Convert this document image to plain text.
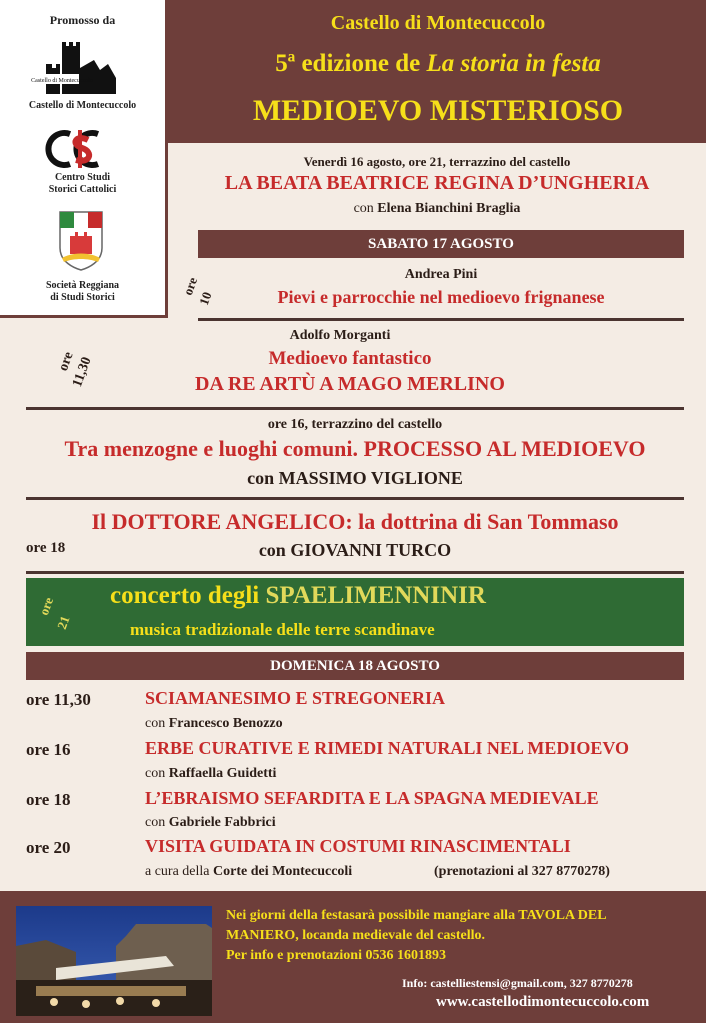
Castello di Montecuccolo
5ª edizione de La storia in festa
MEDIOEVO MISTERIOSO
Promosso da
Castello di Montecuccolo
Castello di Montecuccolo
Centro Studi
Storici Cattolici
Società Reggiana
di Studi Storici
Venerdì 16 agosto, ore 21, terrazzino del castello
LA BEATA BEATRICE REGINA D’UNGHERIA
con Elena Bianchini Braglia
SABATO 17 AGOSTO
ore
10
Andrea Pini
Pievi e parrocchie nel medioevo frignanese
ore
11,30
Adolfo Morganti
Medioevo fantastico
DA RE ARTÙ A MAGO MERLINO
ore 16, terrazzino del castello
Tra menzogne e luoghi comuni. PROCESSO AL MEDIOEVO
con MASSIMO VIGLIONE
Il DOTTORE ANGELICO: la dottrina di San Tommaso
ore 18	con GIOVANNI TURCO
ore
21
concerto degli SPAELIMENNINIR
musica tradizionale delle terre scandinave
DOMENICA 18 AGOSTO
ore 11,30	SCIAMANESIMO E STREGONERIA
con Francesco Benozzo
ore 16	ERBE CURATIVE E RIMEDI NATURALI NEL MEDIOEVO
con Raffaella Guidetti
ore 18	L’EBRAISMO SEFARDITA E LA SPAGNA MEDIEVALE
con Gabriele Fabbrici
ore 20	VISITA GUIDATA IN COSTUMI RINASCIMENTALI
a cura della Corte dei Montecuccoli	(prenotazioni al 327 8770278)
Nei giorni della festasarà possibile mangiare alla TAVOLA DEL
MANIERO, locanda medievale del castello.
Per info e prenotazioni 0536 1601893
Info: castelliestensi@gmail.com, 327 8770278
www.castellodimontecuccolo.com
